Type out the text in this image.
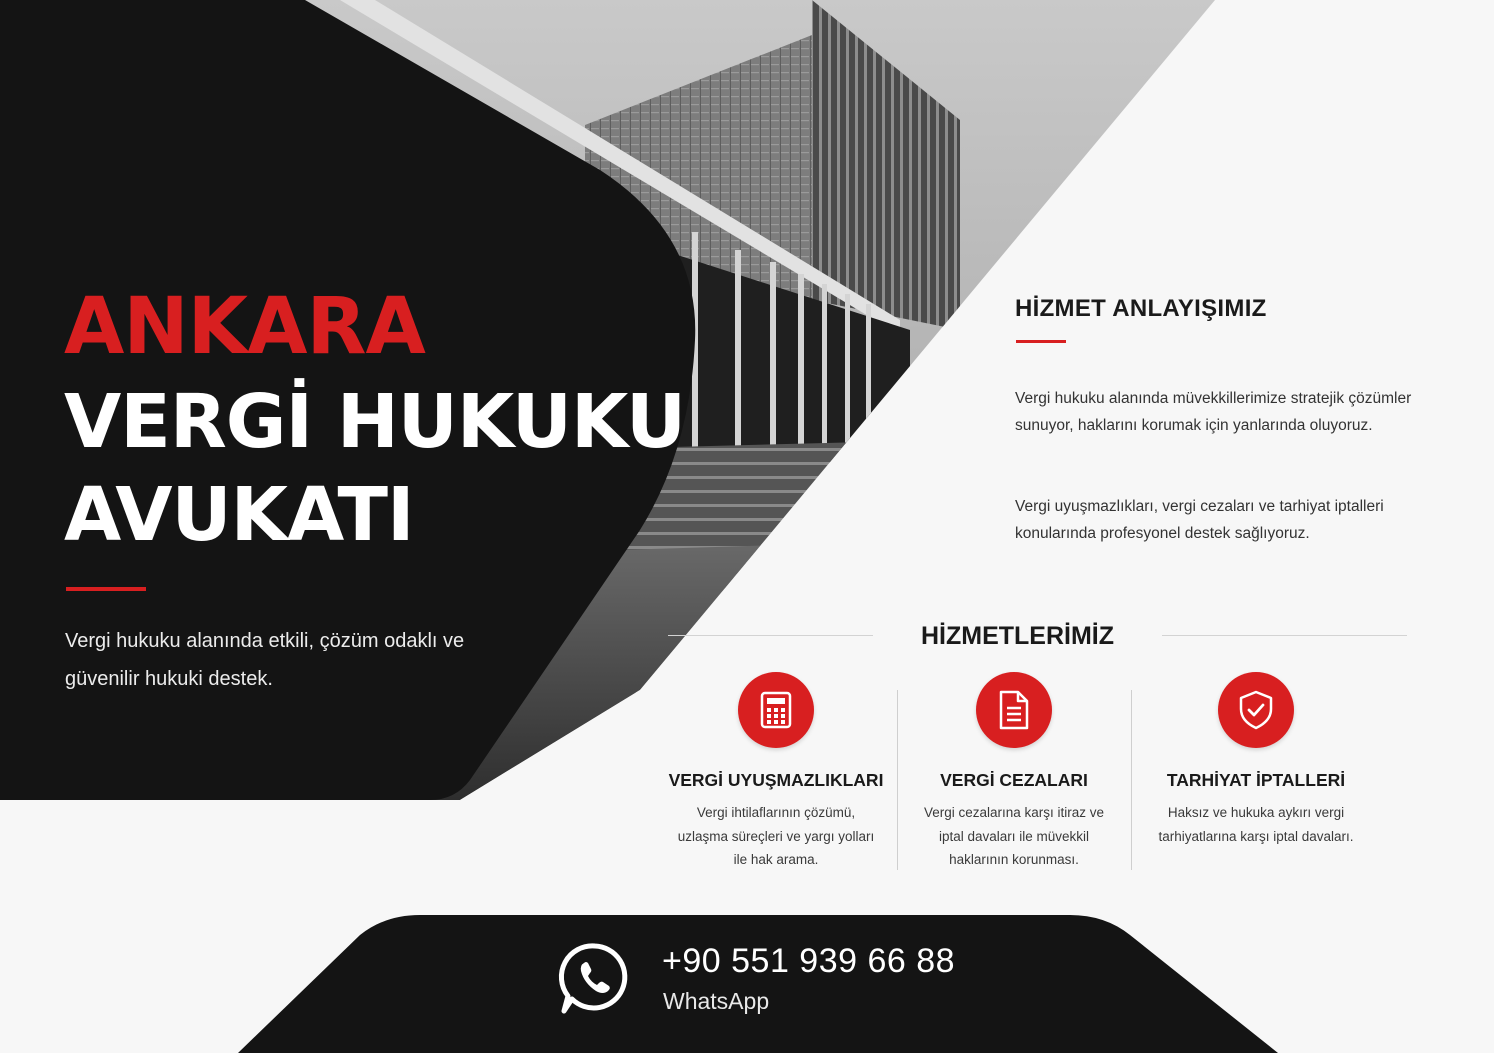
ANKARA
VERGİ HUKUKU
AVUKATI
Vergi hukuku alanında etkili, çözüm odaklı ve güvenilir hukuki destek.
HİZMET ANLAYIŞIMIZ
Vergi hukuku alanında müvekkillerimize stratejik çözümler sunuyor, haklarını korumak için yanlarında oluyoruz.
Vergi uyuşmazlıkları, vergi cezaları ve tarhiyat iptalleri konularında profesyonel destek sağlıyoruz.
HİZMETLERİMİZ
VERGİ UYUŞMAZLIKLARI
Vergi ihtilaflarının çözümü, uzlaşma süreçleri ve yargı yolları ile hak arama.
VERGİ CEZALARI
Vergi cezalarına karşı itiraz ve iptal davaları ile müvekkil haklarının korunması.
TARHİYAT İPTALLERİ
Haksız ve hukuka aykırı vergi tarhiyatlarına karşı iptal davaları.
+90 551 939 66 88
WhatsApp
